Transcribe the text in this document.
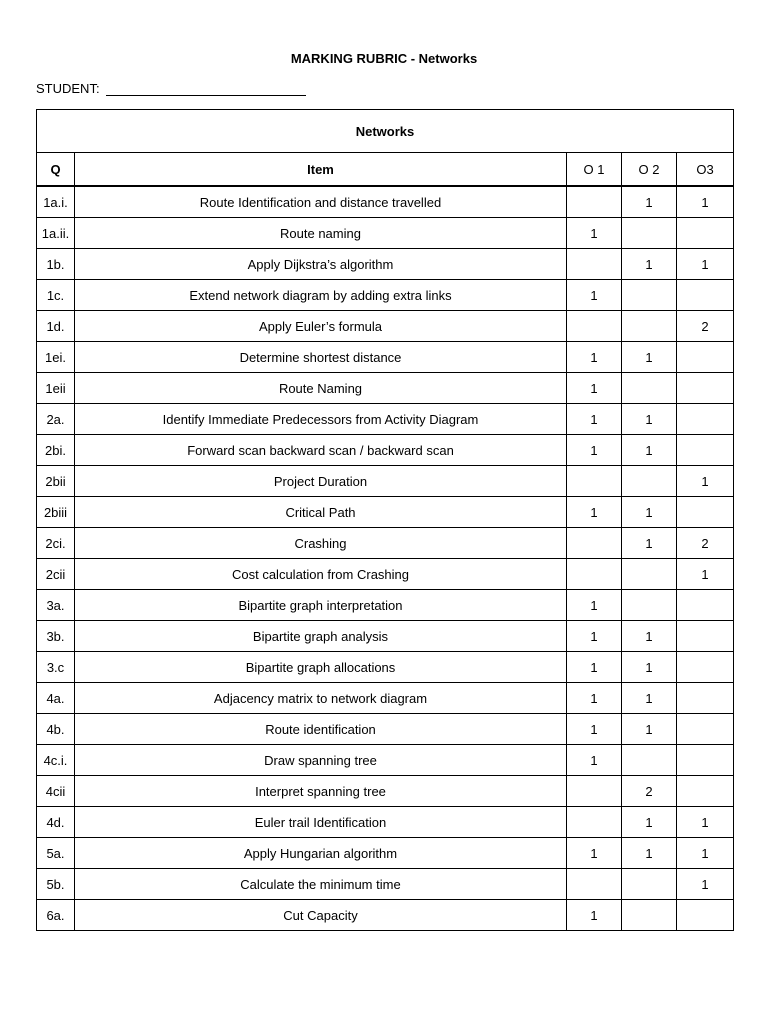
MARKING RUBRIC - Networks
STUDENT:
Networks				
Q	Item	O 1	O 2	O3
1a.i.	Route Identification and distance travelled		1	1
1a.ii.	Route naming	1		
1b.	Apply Dijkstra’s algorithm		1	1
1c.	Extend network diagram by adding extra links	1		
1d.	Apply Euler’s formula			2
1ei.	Determine shortest distance	1	1	
1eii	Route Naming	1		
2a.	Identify Immediate Predecessors from Activity Diagram	1	1	
2bi.	Forward scan backward scan / backward scan	1	1	
2bii	Project Duration			1
2biii	Critical Path	1	1	
2ci.	Crashing		1	2
2cii	Cost calculation from Crashing			1
3a.	Bipartite graph interpretation	1		
3b.	Bipartite graph analysis	1	1	
3.c	Bipartite graph allocations	1	1	
4a.	Adjacency matrix to network diagram	1	1	
4b.	Route identification	1	1	
4c.i.	Draw spanning tree	1		
4cii	Interpret spanning tree		2	
4d.	Euler trail Identification		1	1
5a.	Apply Hungarian algorithm	1	1	1
5b.	Calculate the minimum time			1
6a.	Cut Capacity	1		
